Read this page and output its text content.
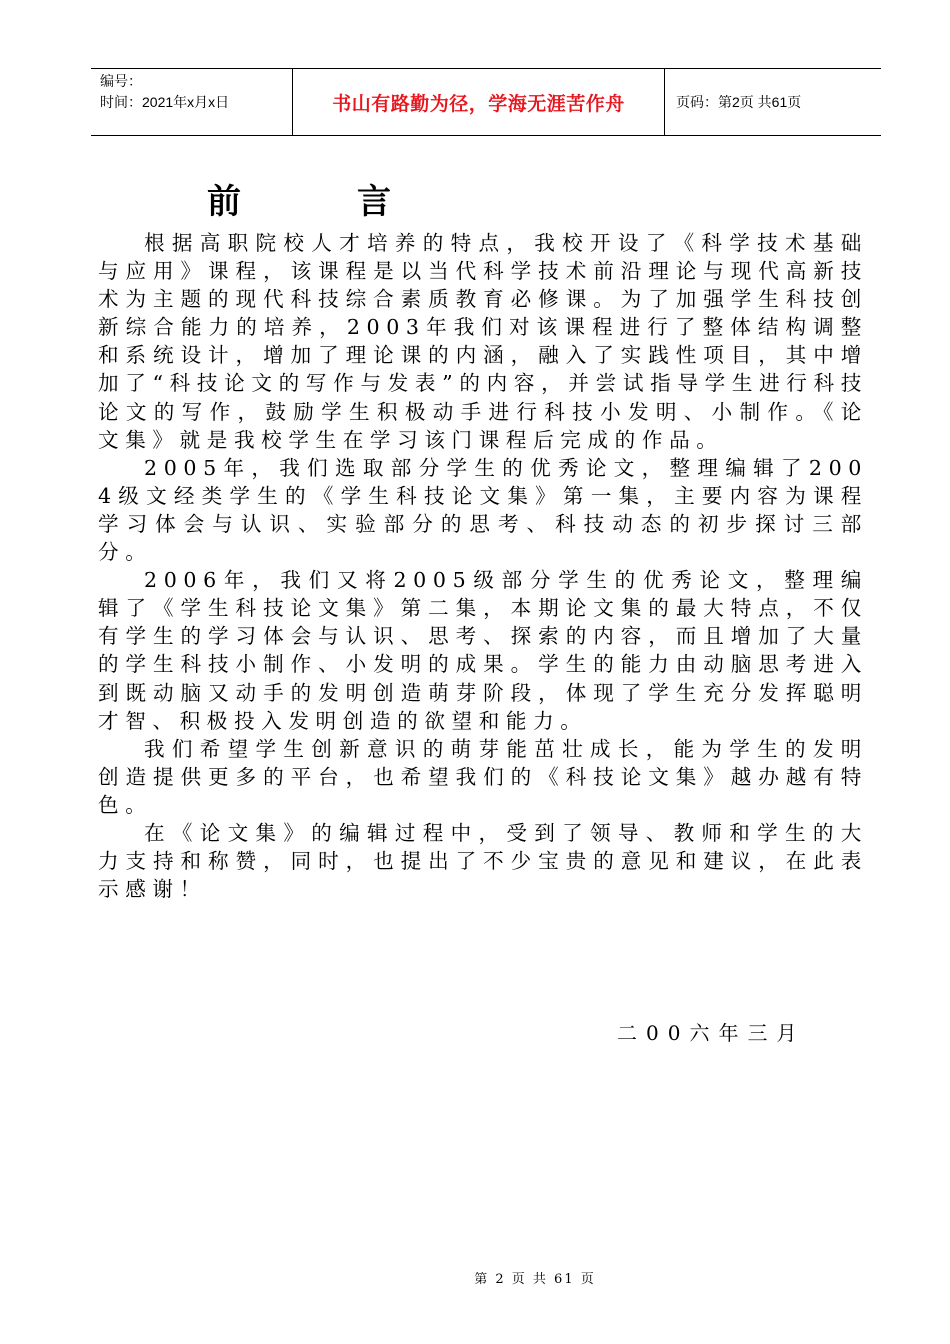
编号：
时间：2021年x月x日	书山有路勤为径，学海无涯苦作舟	页码：第2页 共61页
前言

根据高职院校人才培养的特点，我校开设了《科学技术基础与应用》课程，该课程是以当代科学技术前沿理论与现代高新技术为主题的现代科技综合素质教育必修课。为了加强学生科技创新综合能力的培养，2003年我们对该课程进行了整体结构调整和系统设计，增加了理论课的内涵，融入了实践性项目，其中增加了“科技论文的写作与发表”的内容，并尝试指导学生进行科技论文的写作，鼓励学生积极动手进行科技小发明、小制作。《论文集》就是我校学生在学习该门课程后完成的作品。

2005年，我们选取部分学生的优秀论文，整理编辑了2004级文经类学生的《学生科技论文集》第一集，主要内容为课程学习体会与认识、实验部分的思考、科技动态的初步探讨三部分。

2006年，我们又将2005级部分学生的优秀论文，整理编辑了《学生科技论文集》第二集，本期论文集的最大特点，不仅有学生的学习体会与认识、思考、探索的内容，而且增加了大量的学生科技小制作、小发明的成果。学生的能力由动脑思考进入到既动脑又动手的发明创造萌芽阶段，体现了学生充分发挥聪明才智、积极投入发明创造的欲望和能力。

我们希望学生创新意识的萌芽能茁壮成长，能为学生的发明创造提供更多的平台，也希望我们的《科技论文集》越办越有特色。

在《论文集》的编辑过程中，受到了领导、教师和学生的大力支持和称赞，同时，也提出了不少宝贵的意见和建议，在此表示感谢！

二00六年三月
第 2 页 共 61 页
